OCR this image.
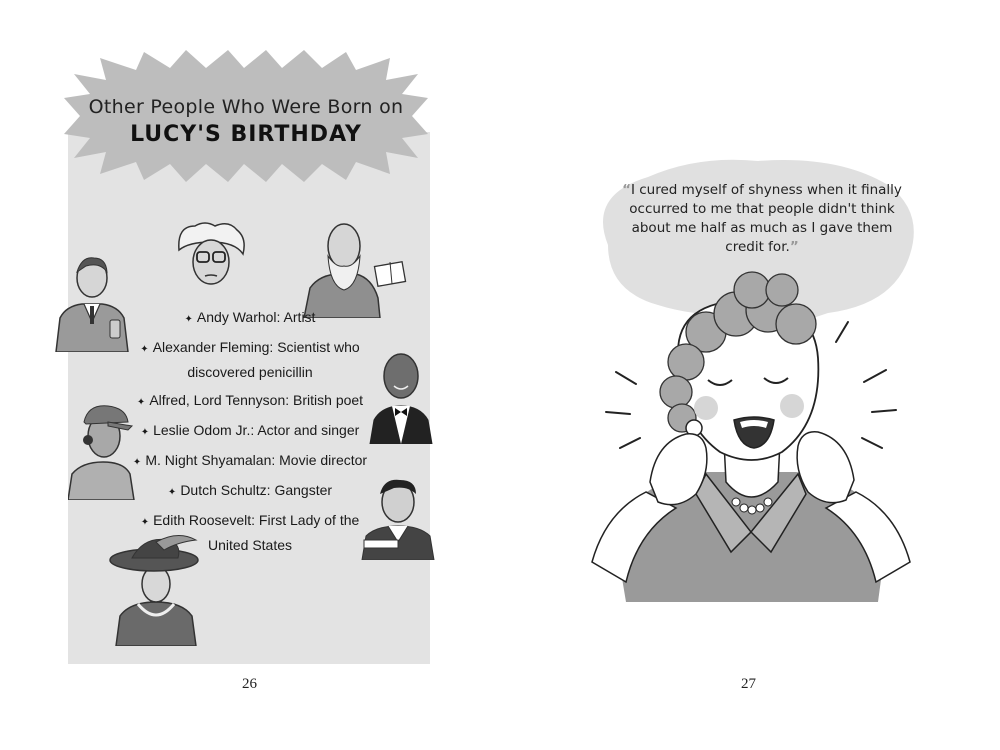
Other People Who Were Born on
LUCY'S BIRTHDAY
✦ Andy Warhol: Artist
✦ Alexander Fleming: Scientist who discovered penicillin
✦ Alfred, Lord Tennyson: British poet
✦ Leslie Odom Jr.: Actor and singer
✦ M. Night Shyamalan: Movie director
✦ Dutch Schultz: Gangster
✦ Edith Roosevelt: First Lady of the United States
26
“I cured myself of shyness when it finally occurred to me that people didn't think about me half as much as I gave them credit for.”
27
